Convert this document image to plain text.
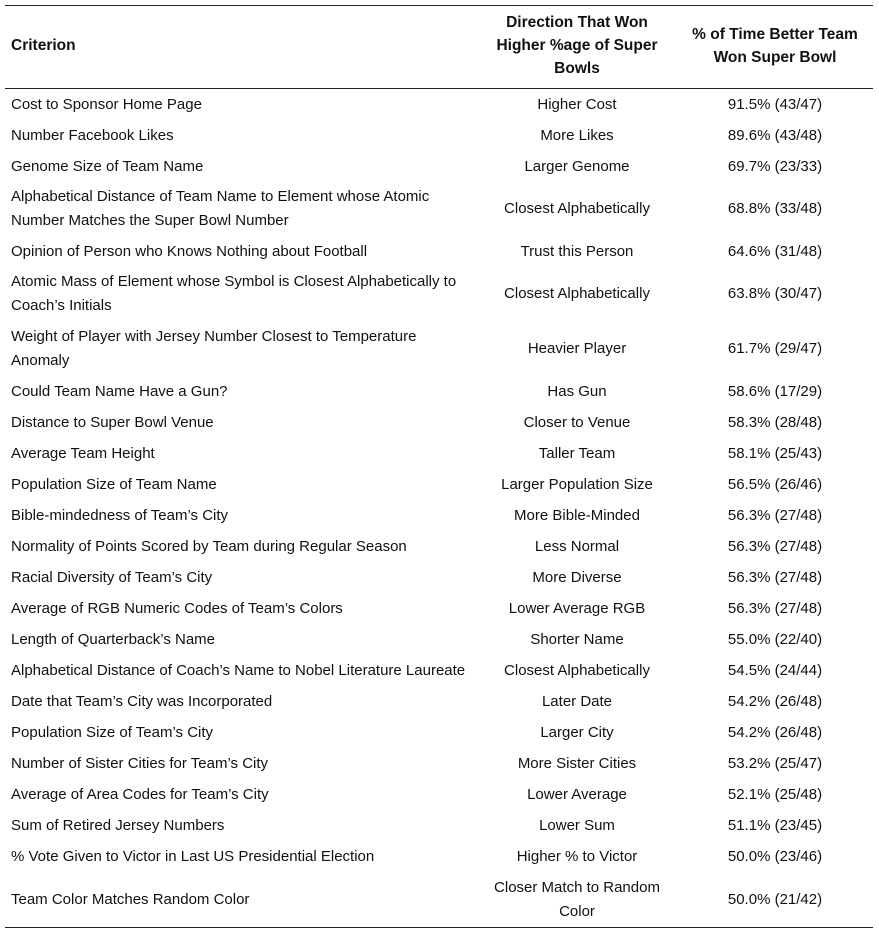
Criterion	Direction That Won Higher %age of Super Bowls	% of Time Better Team Won Super Bowl
Cost to Sponsor Home Page	Higher Cost	91.5% (43/47)
Number Facebook Likes	More Likes	89.6% (43/48)
Genome Size of Team Name	Larger Genome	69.7% (23/33)
Alphabetical Distance of Team Name to Element whose Atomic Number Matches the Super Bowl Number	Closest Alphabetically	68.8% (33/48)
Opinion of Person who Knows Nothing about Football	Trust this Person	64.6% (31/48)
Atomic Mass of Element whose Symbol is Closest Alphabetically to Coach’s Initials	Closest Alphabetically	63.8% (30/47)
Weight of Player with Jersey Number Closest to Temperature Anomaly	Heavier Player	61.7% (29/47)
Could Team Name Have a Gun?	Has Gun	58.6% (17/29)
Distance to Super Bowl Venue	Closer to Venue	58.3% (28/48)
Average Team Height	Taller Team	58.1% (25/43)
Population Size of Team Name	Larger Population Size	56.5% (26/46)
Bible-mindedness of Team’s City	More Bible-Minded	56.3% (27/48)
Normality of Points Scored by Team during Regular Season	Less Normal	56.3% (27/48)
Racial Diversity of Team’s City	More Diverse	56.3% (27/48)
Average of RGB Numeric Codes of Team’s Colors	Lower Average RGB	56.3% (27/48)
Length of Quarterback’s Name	Shorter Name	55.0% (22/40)
Alphabetical Distance of Coach’s Name to Nobel Literature Laureate	Closest Alphabetically	54.5% (24/44)
Date that Team’s City was Incorporated	Later Date	54.2% (26/48)
Population Size of Team’s City	Larger City	54.2% (26/48)
Number of Sister Cities for Team’s City	More Sister Cities	53.2% (25/47)
Average of Area Codes for Team’s City	Lower Average	52.1% (25/48)
Sum of Retired Jersey Numbers	Lower Sum	51.1% (23/45)
% Vote Given to Victor in Last US Presidential Election	Higher % to Victor	50.0% (23/46)
Team Color Matches Random Color	Closer Match to Random Color	50.0% (21/42)
